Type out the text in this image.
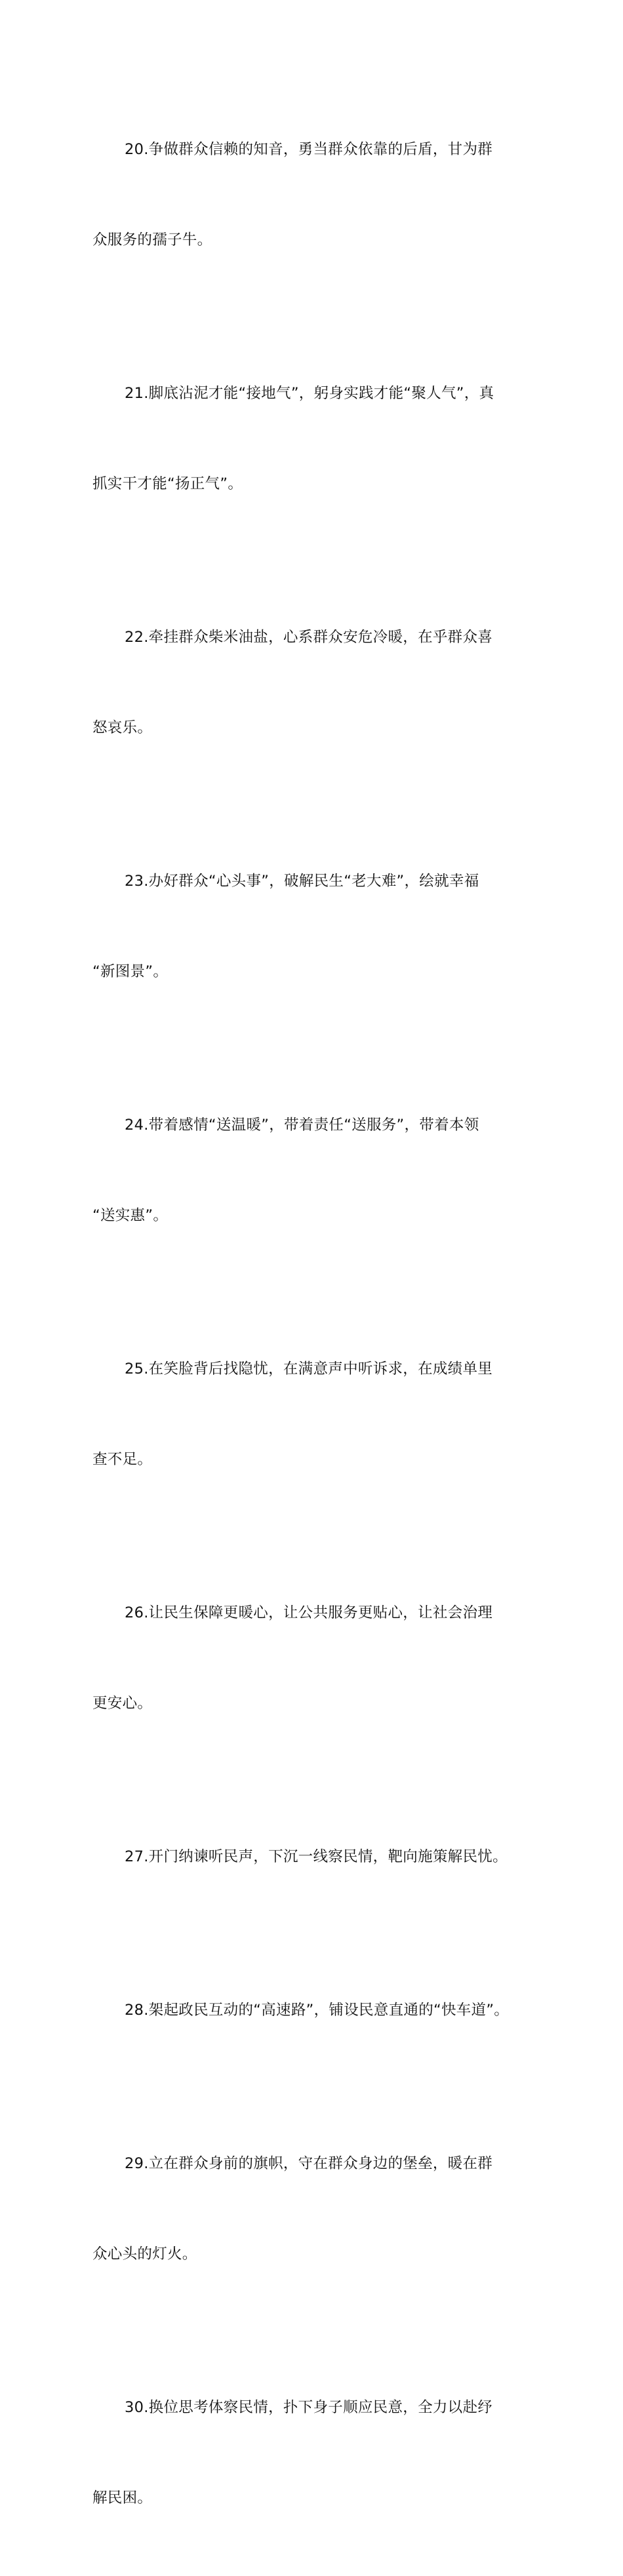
20.争做群众信赖的知音，勇当群众依靠的后盾，甘为群

众服务的孺子牛。

21.脚底沾泥才能“接地气”，躬身实践才能“聚人气”，真

抓实干才能“扬正气”。

22.牵挂群众柴米油盐，心系群众安危冷暖，在乎群众喜

怒哀乐。

23.办好群众“心头事”，破解民生“老大难”，绘就幸福

“新图景”。

24.带着感情“送温暖”，带着责任“送服务”，带着本领

“送实惠”。

25.在笑脸背后找隐忧，在满意声中听诉求，在成绩单里

查不足。

26.让民生保障更暖心，让公共服务更贴心，让社会治理

更安心。

27.开门纳谏听民声，下沉一线察民情，靶向施策解民忧。

28.架起政民互动的“高速路”，铺设民意直通的“快车道”。

29.立在群众身前的旗帜，守在群众身边的堡垒，暖在群

众心头的灯火。

30.换位思考体察民情，扑下身子顺应民意，全力以赴纾

解民困。
